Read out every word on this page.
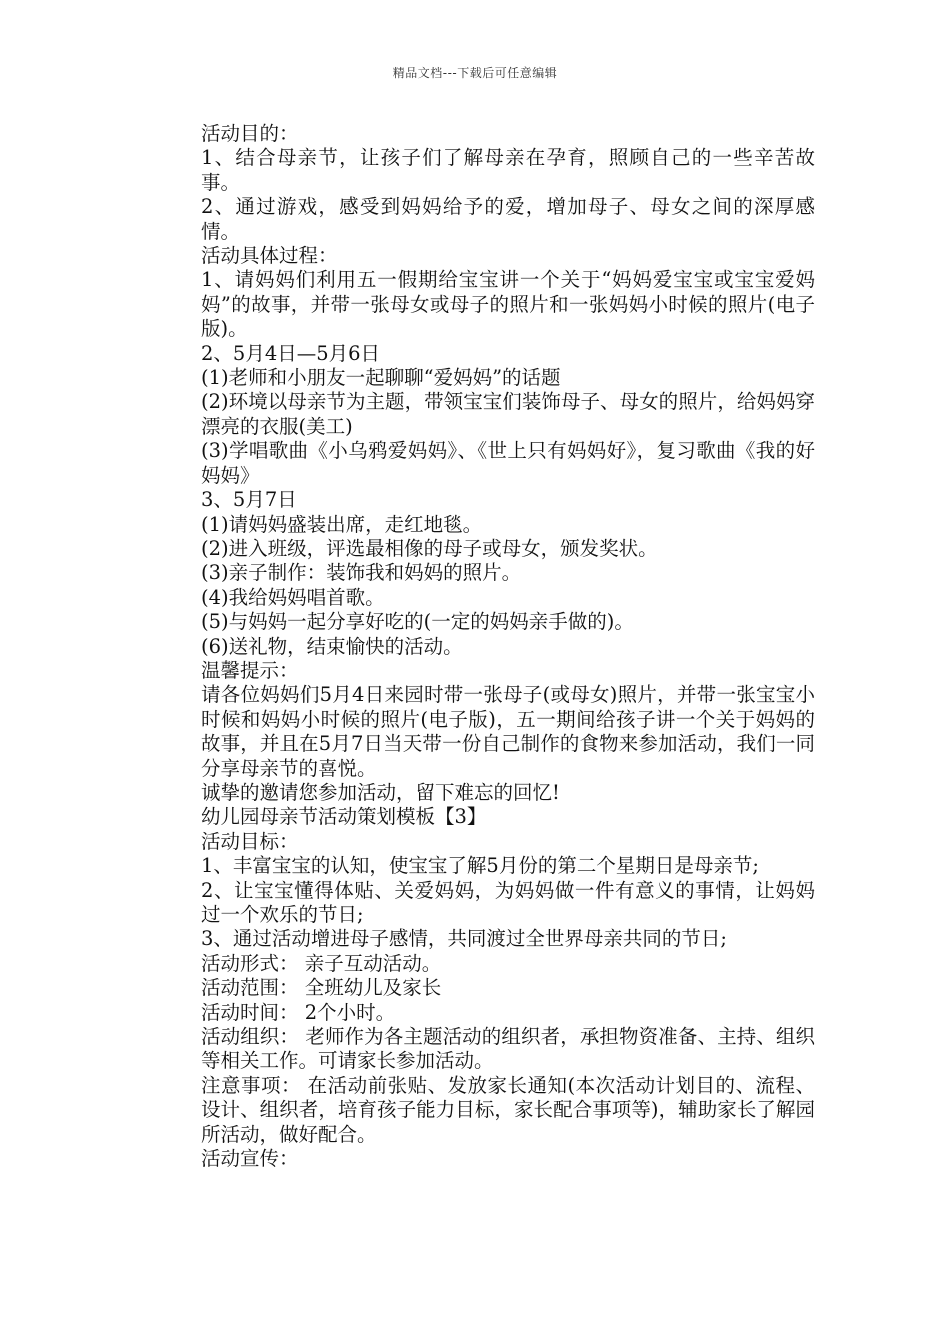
精品文档---下载后可任意编辑
活动目的：
1、结合母亲节，让孩子们了解母亲在孕育，照顾自己的一些辛苦故事。
2、通过游戏，感受到妈妈给予的爱，增加母子、母女之间的深厚感情。
活动具体过程：
1、请妈妈们利用五一假期给宝宝讲一个关于“妈妈爱宝宝或宝宝爱妈妈”的故事，并带一张母女或母子的照片和一张妈妈小时候的照片(电子版)。
2、5月4日—5月6日
(1)老师和小朋友一起聊聊“爱妈妈”的话题
(2)环境以母亲节为主题，带领宝宝们装饰母子、母女的照片，给妈妈穿漂亮的衣服(美工)
(3)学唱歌曲《小乌鸦爱妈妈》、《世上只有妈妈好》，复习歌曲《我的好妈妈》
3、5月7日
(1)请妈妈盛装出席，走红地毯。
(2)进入班级，评选最相像的母子或母女，颁发奖状。
(3)亲子制作：装饰我和妈妈的照片。
(4)我给妈妈唱首歌。
(5)与妈妈一起分享好吃的(一定的妈妈亲手做的)。
(6)送礼物，结束愉快的活动。
温馨提示：
请各位妈妈们5月4日来园时带一张母子(或母女)照片，并带一张宝宝小时候和妈妈小时候的照片(电子版)，五一期间给孩子讲一个关于妈妈的故事，并且在5月7日当天带一份自己制作的食物来参加活动，我们一同分享母亲节的喜悦。
诚挚的邀请您参加活动，留下难忘的回忆!
幼儿园母亲节活动策划模板【3】
活动目标：
1、丰富宝宝的认知，使宝宝了解5月份的第二个星期日是母亲节;
2、让宝宝懂得体贴、关爱妈妈，为妈妈做一件有意义的事情，让妈妈过一个欢乐的节日;
3、通过活动增进母子感情，共同渡过全世界母亲共同的节日;
活动形式： 亲子互动活动。
活动范围： 全班幼儿及家长
活动时间： 2个小时。
活动组织： 老师作为各主题活动的组织者，承担物资准备、主持、组织等相关工作。可请家长参加活动。
注意事项： 在活动前张贴、发放家长通知(本次活动计划目的、流程、设计、组织者，培育孩子能力目标，家长配合事项等)，辅助家长了解园所活动，做好配合。
活动宣传：
